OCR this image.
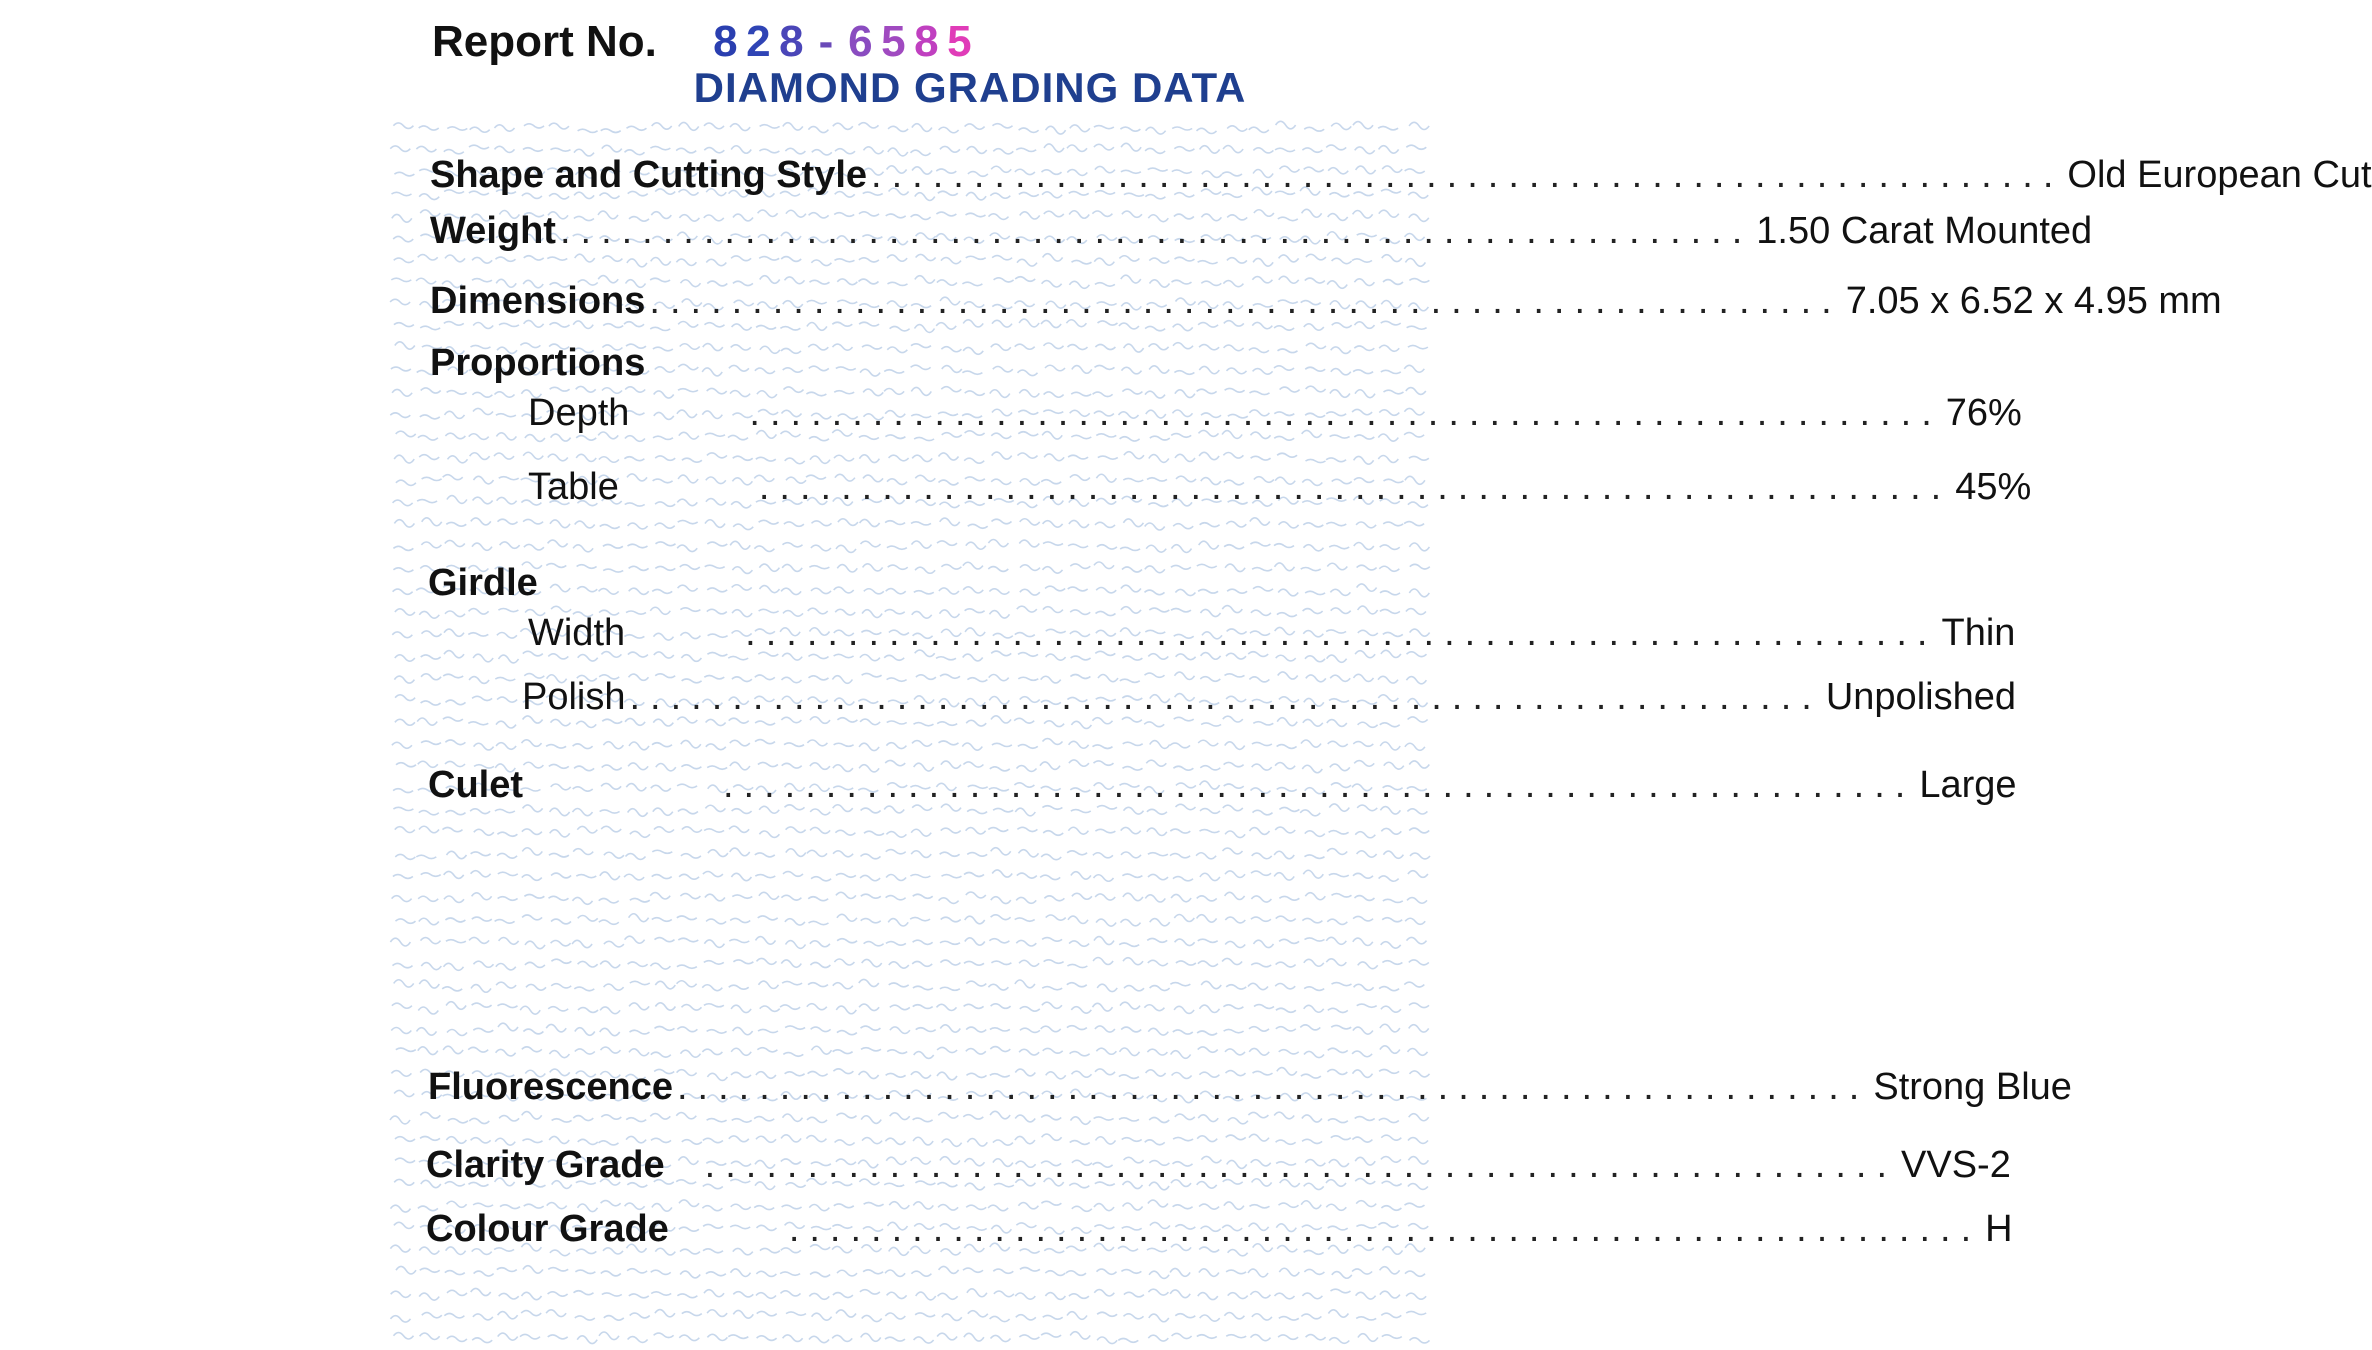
Report No. 8 2 8 - 6 5 8 5
DIAMOND GRADING DATA
Shape and Cutting Style .......................................................... Old European Cut
Weight .......................................................... 1.50 Carat Mounted
Dimensions .......................................................... 7.05 x 6.52 x 4.95 mm
Proportions
Depth	.......................................................... 76%
Table	.......................................................... 45%
Girdle
Width	.......................................................... Thin
Polish .......................................................... Unpolished
Culet	.......................................................... Large
Fluorescence .......................................................... Strong Blue
Clarity Grade .......................................................... VVS-2
Colour Grade	.......................................................... H
